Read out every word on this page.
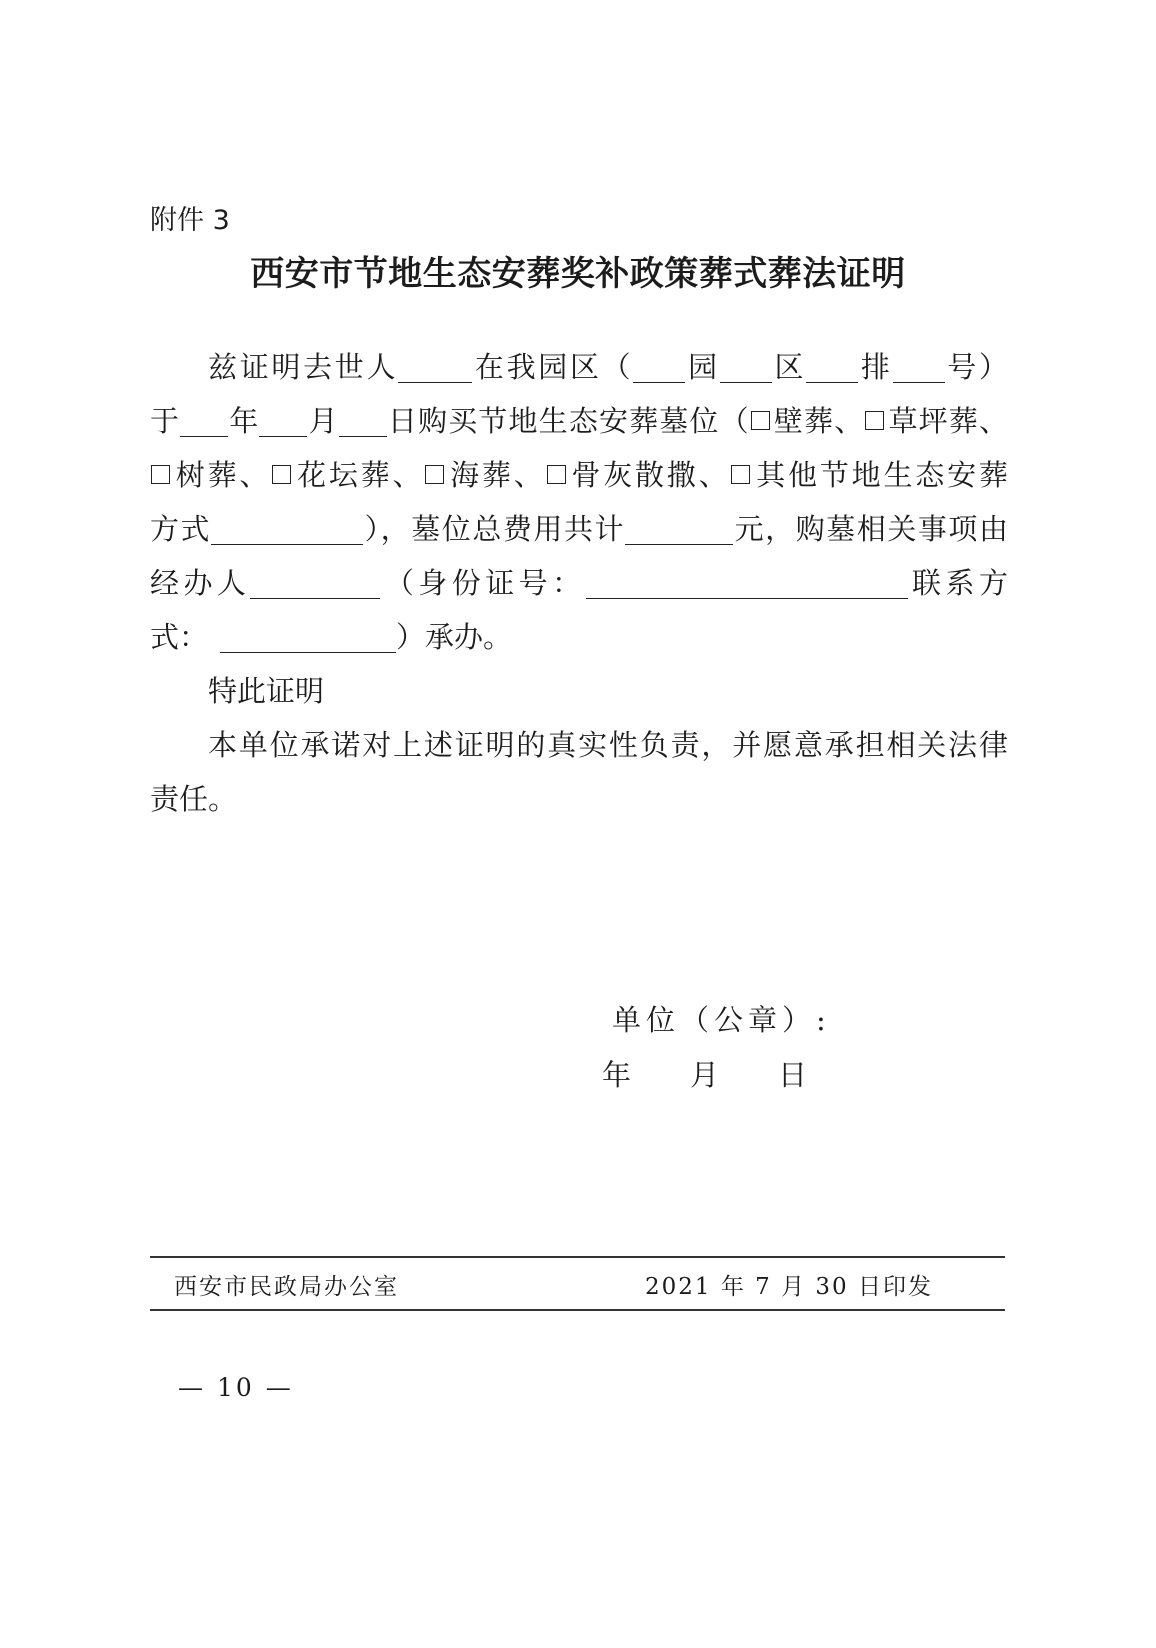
附件 3
西安市节地生态安葬奖补政策葬式葬法证明
兹证明去世人	在我园区（ 园 区 排 号）
于 年 月 日购买节地生态安葬墓位（ 壁葬、 草坪葬、
树葬、 花坛葬、 海葬、 骨灰散撒、 其他节地生态安葬
方式	），墓位总费用共计	元，购墓相关事项由
经办人	（身份证号：	联系方
式：	）承办。
特此证明
本单位承诺对上述证明的真实性负责，并愿意承担相关法律
责任。
单位（公章）:
年 月 日
西安市民政局办公室	2021 年 7 月 30 日印发
— 10 —
